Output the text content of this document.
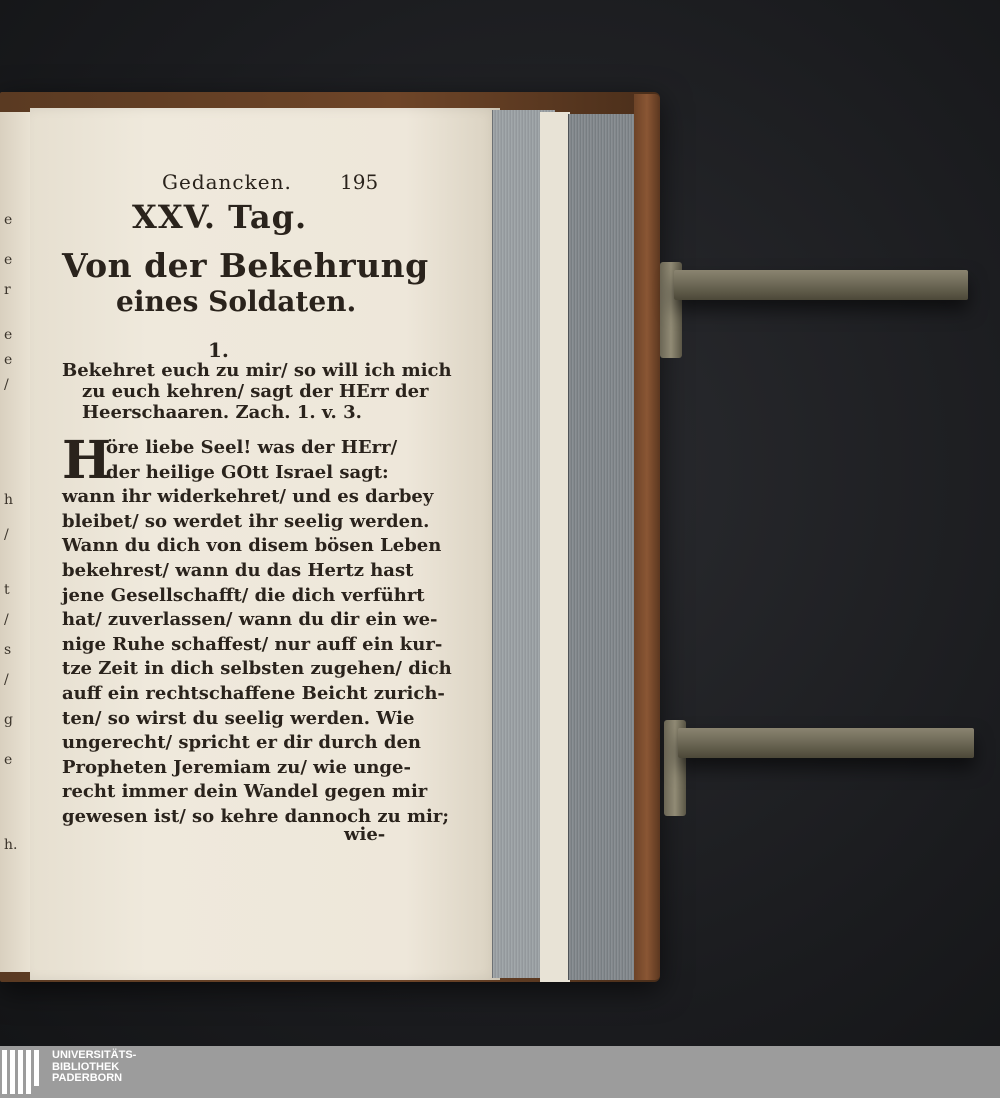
e
e
r
e
e
/
h
/
t
/
s
/
g
e
h.
Gedancken. 195
XXV. Tag.
Von der Bekehrung
eines Soldaten.
1.
Bekehret euch zu mir/ so will ich mich
zu euch kehren/ sagt der HErr der
Heerschaaren. Zach. 1. v. 3.
H
öre liebe Seel! was der HErr/
der heilige GOtt Israel sagt:
wann ihr widerkehret/ und es darbey
bleibet/ so werdet ihr seelig werden.
Wann du dich von disem bösen Leben
bekehrest/ wann du das Hertz hast
jene Gesellschafft/ die dich verführt
hat/ zuverlassen/ wann du dir ein we-
nige Ruhe schaffest/ nur auff ein kur-
tze Zeit in dich selbsten zugehen/ dich
auff ein rechtschaffene Beicht zurich-
ten/ so wirst du seelig werden. Wie
ungerecht/ spricht er dir durch den
Propheten Jeremiam zu/ wie unge-
recht immer dein Wandel gegen mir
gewesen ist/ so kehre dannoch zu mir;
wie-
UNIVERSITÄTS-
BIBLIOTHEK
PADERBORN
